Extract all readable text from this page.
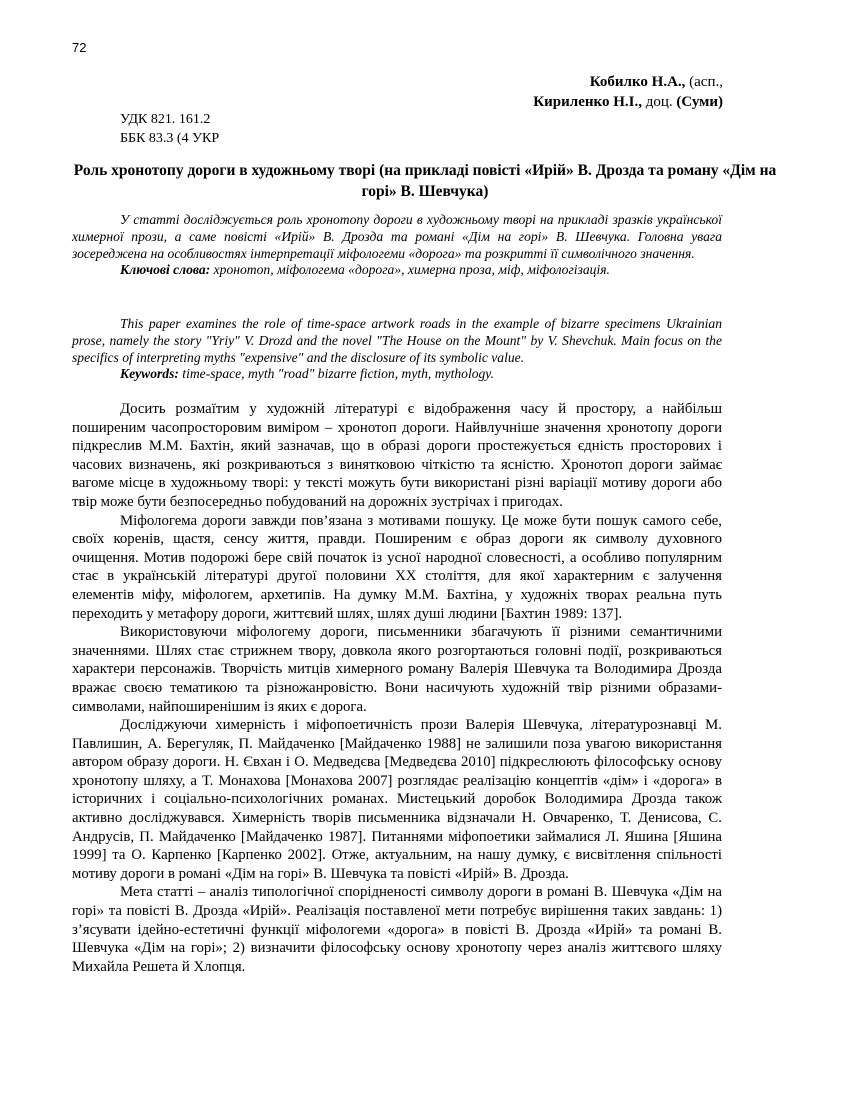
72
Кобилко Н.А., (асп.,
Кириленко Н.І., доц. (Суми)
УДК 821. 161.2
ББК 83.3 (4 УКР
Роль хронотопу дороги в художньому творі (на прикладі повісті «Ирій» В. Дрозда та роману «Дім на горі» В. Шевчука)

У статті досліджується роль хронотопу дороги в художньому творі на прикладі зразків української химерної прози, а саме повісті «Ирій» В. Дрозда та романі «Дім на горі» В. Шевчука. Головна увага зосереджена на особливостях інтерпретації міфологеми «дорога» та розкритті її символічного значення.

Ключові слова: хронотоп, міфологема «дорога», химерна проза, міф, міфологізація.

This paper examines the role of time-space artwork roads in the example of bizarre specimens Ukrainian prose, namely the story "Yriy" V. Drozd and the novel "The House on the Mount" by V. Shevchuk. Main focus on the specifics of interpreting myths "expensive" and the disclosure of its symbolic value.

Keywords: time-space, myth "road" bizarre fiction, myth, mythology.

Досить розмаїтим у художній літературі є відображення часу й простору, а найбільш поширеним часопросторовим виміром – хронотоп дороги. Найвлучніше значення хронотопу дороги підкреслив М.М. Бахтін, який зазначав, що в образі дороги простежується єдність просторових і часових визначень, які розкриваються з винятковою чіткістю та ясністю. Хронотоп дороги займає вагоме місце в художньому творі: у тексті можуть бути використані різні варіації мотиву дороги або твір може бути безпосередньо побудований на дорожніх зустрічах і пригодах.

Міфологема дороги завжди пов’язана з мотивами пошуку. Це може бути пошук самого себе, своїх коренів, щастя, сенсу життя, правди. Поширеним є образ дороги як символу духовного очищення. Мотив подорожі бере свій початок із усної народної словесності, а особливо популярним стає в українській літературі другої половини ХХ століття, для якої характерним є залучення елементів міфу, міфологем, архетипів. На думку М.М. Бахтіна, у художніх творах реальна путь переходить у метафору дороги, життєвий шлях, шлях душі людини [Бахтин 1989: 137].

Використовуючи міфологему дороги, письменники збагачують її різними семантичними значеннями. Шлях стає стрижнем твору, довкола якого розгортаються головні події, розкриваються характери персонажів. Творчість митців химерного роману Валерія Шевчука та Володимира Дрозда вражає своєю тематикою та різножанровістю. Вони насичують художній твір різними образами-символами, найпоширенішим із яких є дорога.

Досліджуючи химерність і міфопоетичність прози Валерія Шевчука, літературознавці М. Павлишин, А. Берегуляк, П. Майдаченко [Майдаченко 1988] не залишили поза увагою використання автором образу дороги. Н. Євхан і О. Медведєва [Медведєва 2010] підкреслюють філософську основу хронотопу шляху, а Т. Монахова [Монахова 2007] розглядає реалізацію концептів «дім» і «дорога» в історичних і соціально-психологічних романах. Мистецький доробок Володимира Дрозда також активно досліджувався. Химерність творів письменника відзначали Н. Овчаренко, Т. Денисова, С. Андрусів, П. Майдаченко [Майдаченко 1987]. Питаннями міфопоетики займалися Л. Яшина [Яшина 1999] та О. Карпенко [Карпенко 2002]. Отже, актуальним, на нашу думку, є висвітлення спільності мотиву дороги в романі «Дім на горі» В. Шевчука та повісті «Ирій» В. Дрозда.

Мета статті – аналіз типологічної спорідненості символу дороги в романі В. Шевчука «Дім на горі» та повісті В. Дрозда «Ирій». Реалізація поставленої мети потребує вирішення таких завдань: 1) з’ясувати ідейно-естетичні функції міфологеми «дорога» в повісті В. Дрозда «Ирій» та романі В. Шевчука «Дім на горі»; 2) визначити філософську основу хронотопу через аналіз життєвого шляху Михайла Решета й Хлопця.
